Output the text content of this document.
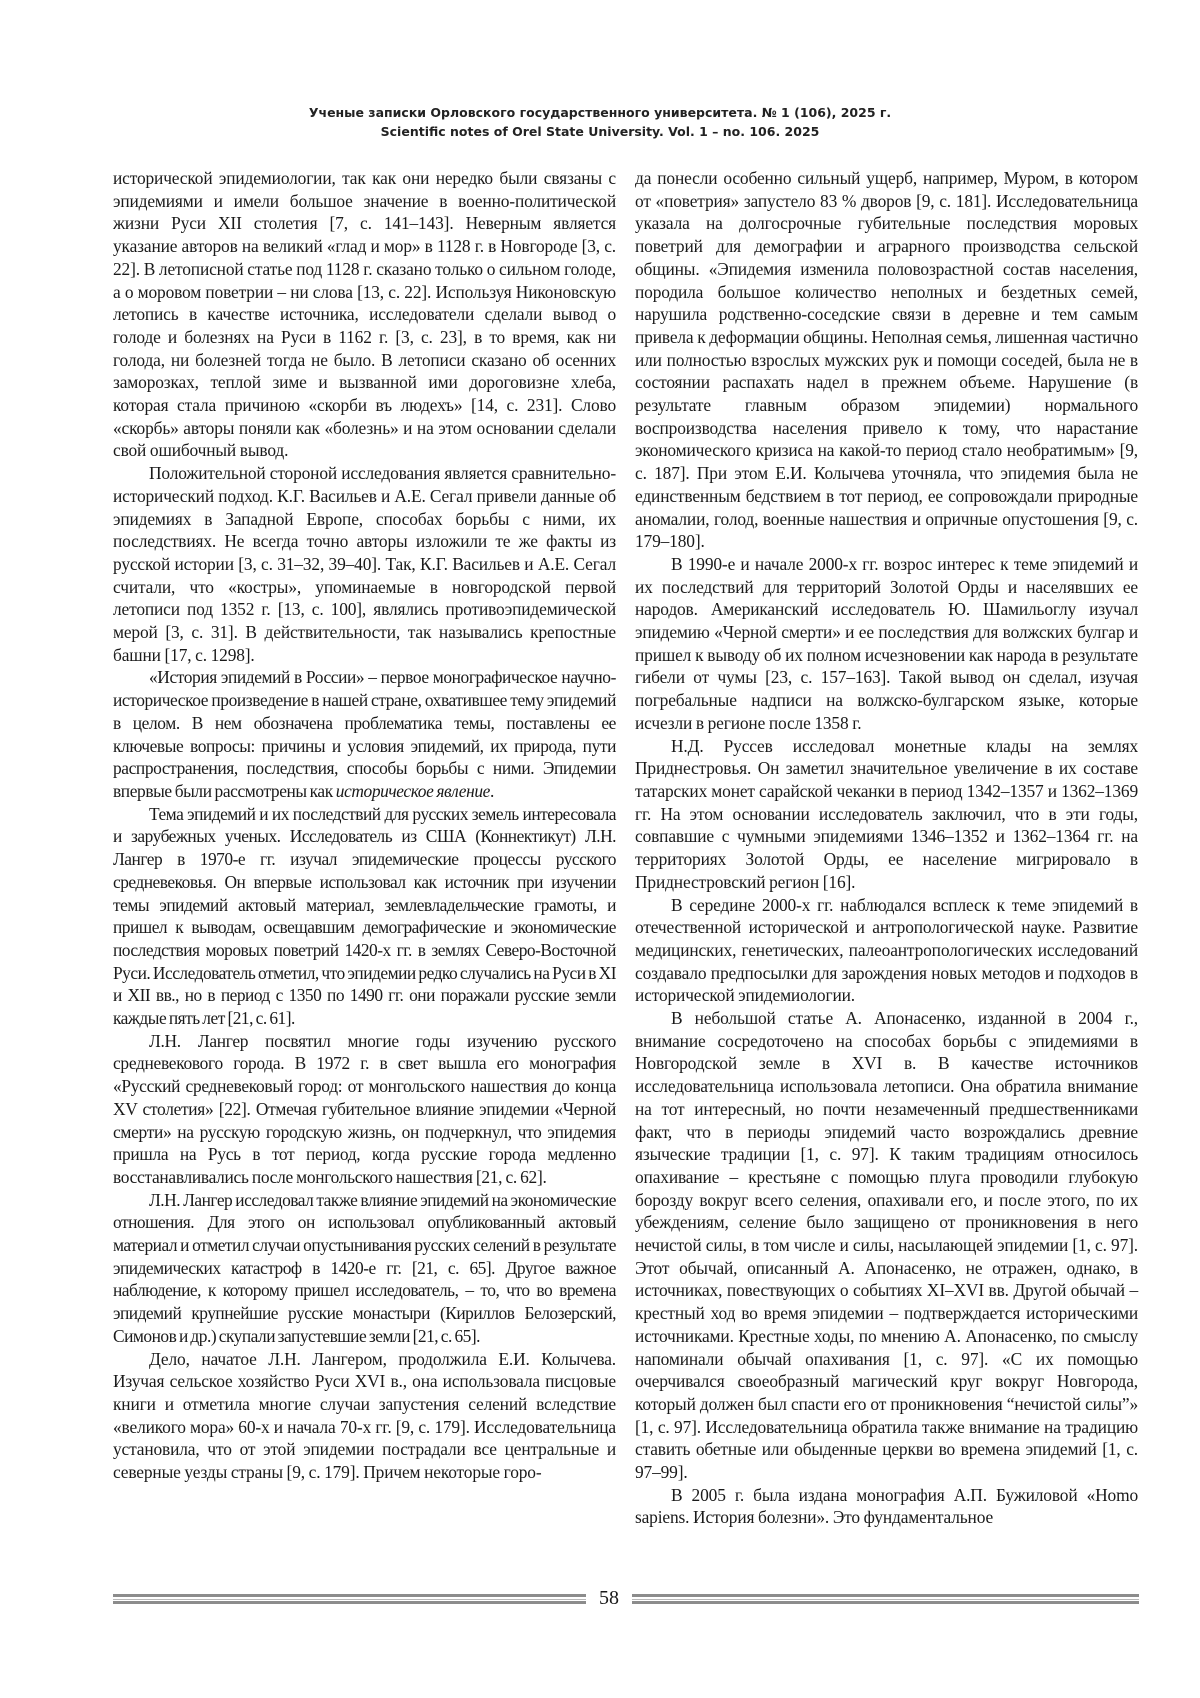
Ученые записки Орловского государственного университета. № 1 (106), 2025 г.
Scientific notes of Orel State University. Vol. 1 – no. 106. 2025

исторической эпидемиологии, так как они нередко были связаны с эпидемиями и имели большое значение в военно-политической жизни Руси XII столетия [7, с. 141–143]. Неверным является указание авторов на великий «глад и мор» в 1128 г. в Новгороде [3, с. 22]. В летописной статье под 1128 г. сказано только о сильном голоде, а о моровом поветрии – ни слова [13, с. 22]. Используя Никоновскую летопись в качестве источника, исследователи сделали вывод о голоде и болезнях на Руси в 1162 г. [3, с. 23], в то время, как ни голода, ни болезней тогда не было. В летописи сказано об осенних заморозках, теплой зиме и вызванной ими дороговизне хлеба, которая стала причиною «скорби въ людехъ» [14, с. 231]. Слово «скорбь» авторы поняли как «болезнь» и на этом основании сделали свой ошибочный вывод.

Положительной стороной исследования является сравнительно-исторический подход. К.Г. Васильев и А.Е. Сегал привели данные об эпидемиях в Западной Европе, способах борьбы с ними, их последствиях. Не всегда точно авторы изложили те же факты из русской истории [3, с. 31–32, 39–40]. Так, К.Г. Васильев и А.Е. Сегал считали, что «костры», упоминаемые в новгородской первой летописи под 1352 г. [13, с. 100], являлись противоэпидемической мерой [3, с. 31]. В действительности, так назывались крепостные башни [17, с. 1298].

«История эпидемий в России» – первое монографическое научно-историческое произведение в нашей стране, охватившее тему эпидемий в целом. В нем обозначена проблематика темы, поставлены ее ключевые вопросы: причины и условия эпидемий, их природа, пути распространения, последствия, способы борьбы с ними. Эпидемии впервые были рассмотрены как историческое явление.

Тема эпидемий и их последствий для русских земель интересовала и зарубежных ученых. Исследователь из США (Коннектикут) Л.Н. Лангер в 1970-е гг. изучал эпидемические процессы русского средневековья. Он впервые использовал как источник при изучении темы эпидемий актовый материал, землевладельческие грамоты, и пришел к выводам, освещавшим демографические и экономические последствия моровых поветрий 1420-х гг. в землях Северо-Восточной Руси. Исследователь отметил, что эпидемии редко случались на Руси в XI и XII вв., но в период с 1350 по 1490 гг. они поражали русские земли каждые пять лет [21, с. 61].

Л.Н. Лангер посвятил многие годы изучению русского средневекового города. В 1972 г. в свет вышла его монография «Русский средневековый город: от монгольского нашествия до конца XV столетия» [22]. Отмечая губительное влияние эпидемии «Черной смерти» на русскую городскую жизнь, он подчеркнул, что эпидемия пришла на Русь в тот период, когда русские города медленно восстанавливались после монгольского нашествия [21, с. 62].

Л.Н. Лангер исследовал также влияние эпидемий на экономические отношения. Для этого он использовал опубликованный актовый материал и отметил случаи опустынивания русских селений в результате эпидемических катастроф в 1420-е гг. [21, с. 65]. Другое важное наблюдение, к которому пришел исследователь, – то, что во времена эпидемий крупнейшие русские монастыри (Кириллов Белозерский, Симонов и др.) скупали запустевшие земли [21, с. 65].

Дело, начатое Л.Н. Лангером, продолжила Е.И. Колычева. Изучая сельское хозяйство Руси XVI в., она использовала писцовые книги и отметила многие случаи запустения селений вследствие «великого мора» 60-х и начала 70-х гг. [9, с. 179]. Исследовательница установила, что от этой эпидемии пострадали все центральные и северные уезды страны [9, с. 179]. Причем некоторые горо-

да понесли особенно сильный ущерб, например, Муром, в котором от «поветрия» запустело 83 % дворов [9, с. 181]. Исследовательница указала на долгосрочные губительные последствия моровых поветрий для демографии и аграрного производства сельской общины. «Эпидемия изменила половозрастной состав населения, породила большое количество неполных и бездетных семей, нарушила родственно-соседские связи в деревне и тем самым привела к деформации общины. Неполная семья, лишенная частично или полностью взрослых мужских рук и помощи соседей, была не в состоянии распахать надел в прежнем объеме. Нарушение (в результате главным образом эпидемии) нормального воспроизводства населения привело к тому, что нарастание экономического кризиса на какой-то период стало необратимым» [9, с. 187]. При этом Е.И. Колычева уточняла, что эпидемия была не единственным бедствием в тот период, ее сопровождали природные аномалии, голод, военные нашествия и опричные опустошения [9, с. 179–180].

В 1990-е и начале 2000-х гг. возрос интерес к теме эпидемий и их последствий для территорий Золотой Орды и населявших ее народов. Американский исследователь Ю. Шамильоглу изучал эпидемию «Черной смерти» и ее последствия для волжских булгар и пришел к выводу об их полном исчезновении как народа в результате гибели от чумы [23, с. 157–163]. Такой вывод он сделал, изучая погребальные надписи на волжско-булгарском языке, которые исчезли в регионе после 1358 г.

Н.Д. Руссев исследовал монетные клады на землях Приднестровья. Он заметил значительное увеличение в их составе татарских монет сарайской чеканки в период 1342–1357 и 1362–1369 гг. На этом основании исследователь заключил, что в эти годы, совпавшие с чумными эпидемиями 1346–1352 и 1362–1364 гг. на территориях Золотой Орды, ее население мигрировало в Приднестровский регион [16].

В середине 2000-х гг. наблюдался всплеск к теме эпидемий в отечественной исторической и антропологической науке. Развитие медицинских, генетических, палеоантропологических исследований создавало предпосылки для зарождения новых методов и подходов в исторической эпидемиологии.

В небольшой статье А. Апонасенко, изданной в 2004 г., внимание сосредоточено на способах борьбы с эпидемиями в Новгородской земле в XVI в. В качестве источников исследовательница использовала летописи. Она обратила внимание на тот интересный, но почти незамеченный предшественниками факт, что в периоды эпидемий часто возрождались древние языческие традиции [1, с. 97]. К таким традициям относилось опахивание – крестьяне с помощью плуга проводили глубокую борозду вокруг всего селения, опахивали его, и после этого, по их убеждениям, селение было защищено от проникновения в него нечистой силы, в том числе и силы, насылающей эпидемии [1, с. 97]. Этот обычай, описанный А. Апонасенко, не отражен, однако, в источниках, повествующих о событиях XI–XVI вв. Другой обычай – крестный ход во время эпидемии – подтверждается историческими источниками. Крестные ходы, по мнению А. Апонасенко, по смыслу напоминали обычай опахивания [1, с. 97]. «С их помощью очерчивался своеобразный магический круг вокруг Новгорода, который должен был спасти его от проникновения “нечистой силы”» [1, с. 97]. Исследовательница обратила также внимание на традицию ставить обетные или обыденные церкви во времена эпидемий [1, с. 97–99].

В 2005 г. была издана монография А.П. Бужиловой «Homo sapiens. История болезни». Это фундаментальное

58
